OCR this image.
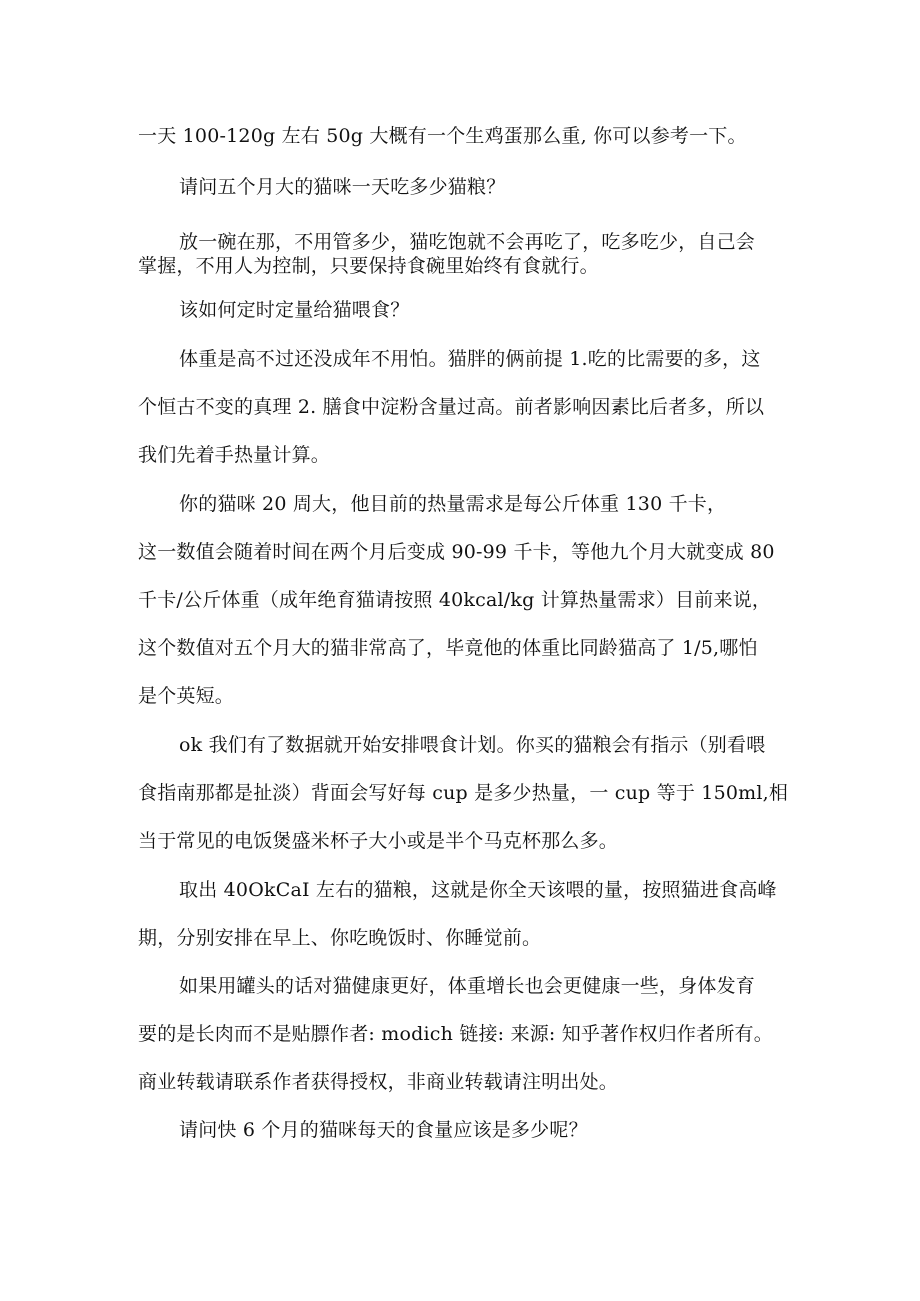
一天 100-120g 左右 50g 大概有一个生鸡蛋那么重, 你可以参考一下。
请问五个月大的猫咪一天吃多少猫粮？
放一碗在那，不用管多少，猫吃饱就不会再吃了，吃多吃少，自己会
掌握，不用人为控制，只要保持食碗里始终有食就行。
该如何定时定量给猫喂食？
体重是高不过还没成年不用怕。猫胖的俩前提 1.吃的比需要的多，这
个恒古不变的真理 2. 膳食中淀粉含量过高。前者影响因素比后者多，所以
我们先着手热量计算。
你的猫咪 20 周大，他目前的热量需求是每公斤体重 130 千卡，
这一数值会随着时间在两个月后变成 90-99 千卡，等他九个月大就变成 80
千卡/公斤体重（成年绝育猫请按照 40kcal/kg 计算热量需求）目前来说，
这个数值对五个月大的猫非常高了，毕竟他的体重比同龄猫高了 1/5,哪怕
是个英短。
ok 我们有了数据就开始安排喂食计划。你买的猫粮会有指示（别看喂
食指南那都是扯淡）背面会写好每 cup 是多少热量，一 cup 等于 150ml,相
当于常见的电饭煲盛米杯子大小或是半个马克杯那么多。
取出 40OkCaI 左右的猫粮，这就是你全天该喂的量，按照猫进食高峰
期，分别安排在早上、你吃晚饭时、你睡觉前。
如果用罐头的话对猫健康更好，体重增长也会更健康一些，身体发育
要的是长肉而不是贴膘作者: modich 链接: 来源: 知乎著作权归作者所有。
商业转载请联系作者获得授权，非商业转载请注明出处。
请问快 6 个月的猫咪每天的食量应该是多少呢？
